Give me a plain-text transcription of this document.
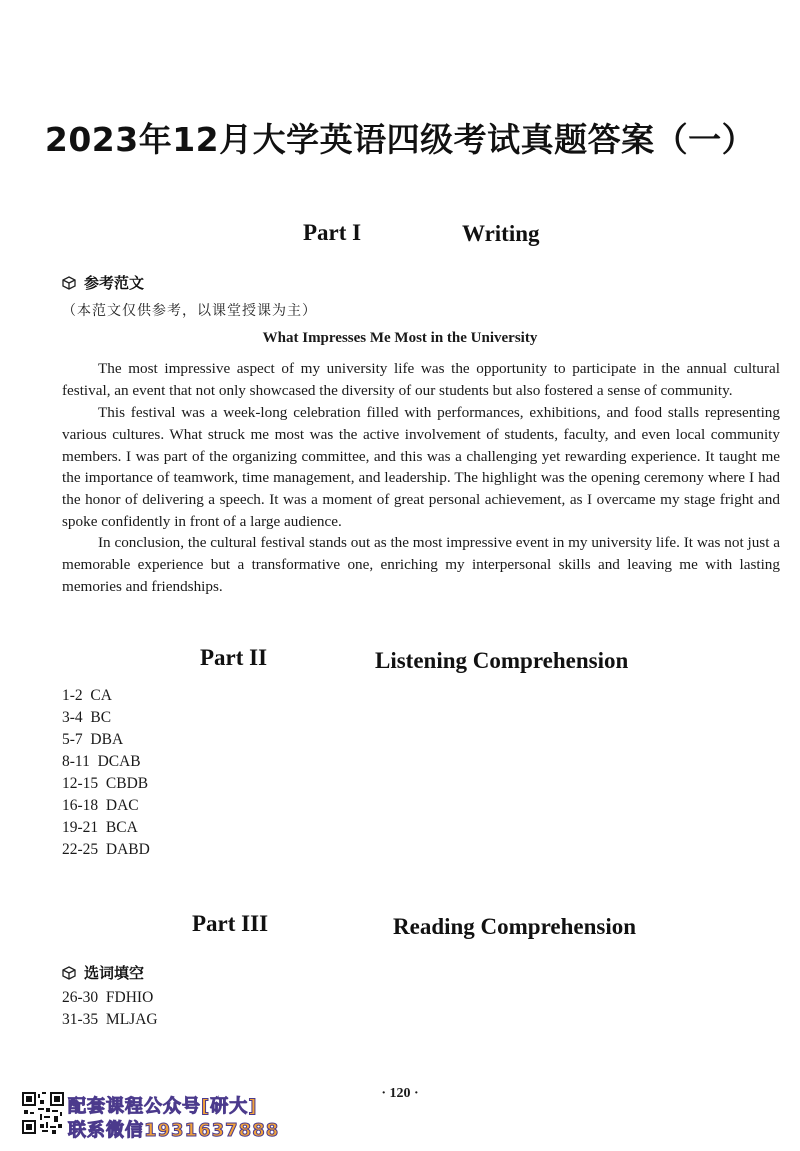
2023年12月大学英语四级考试真题答案（一）
Part I	Writing
参考范文
（本范文仅供参考，以课堂授课为主）
What Impresses Me Most in the University
The most impressive aspect of my university life was the opportunity to participate in the annual cultural festival, an event that not only showcased the diversity of our students but also fostered a sense of community.
This festival was a week-long celebration filled with performances, exhibitions, and food stalls representing various cultures. What struck me most was the active involvement of students, faculty, and even local community members. I was part of the organizing committee, and this was a challenging yet rewarding experience. It taught me the importance of teamwork, time management, and leadership. The highlight was the opening ceremony where I had the honor of delivering a speech. It was a moment of great personal achievement, as I overcame my stage fright and spoke confidently in front of a large audience.
In conclusion, the cultural festival stands out as the most impressive event in my university life. It was not just a memorable experience but a transformative one, enriching my interpersonal skills and leaving me with lasting memories and friendships.
Part II	Listening Comprehension
1-2  CA
3-4  BC
5-7  DBA
8-11  DCAB
12-15  CBDB
16-18  DAC
19-21  BCA
22-25  DABD
Part III	Reading Comprehension
选词填空
26-30  FDHIO
31-35  MLJAG
· 120 ·
配套课程公众号[研大]
联系微信1931637888
